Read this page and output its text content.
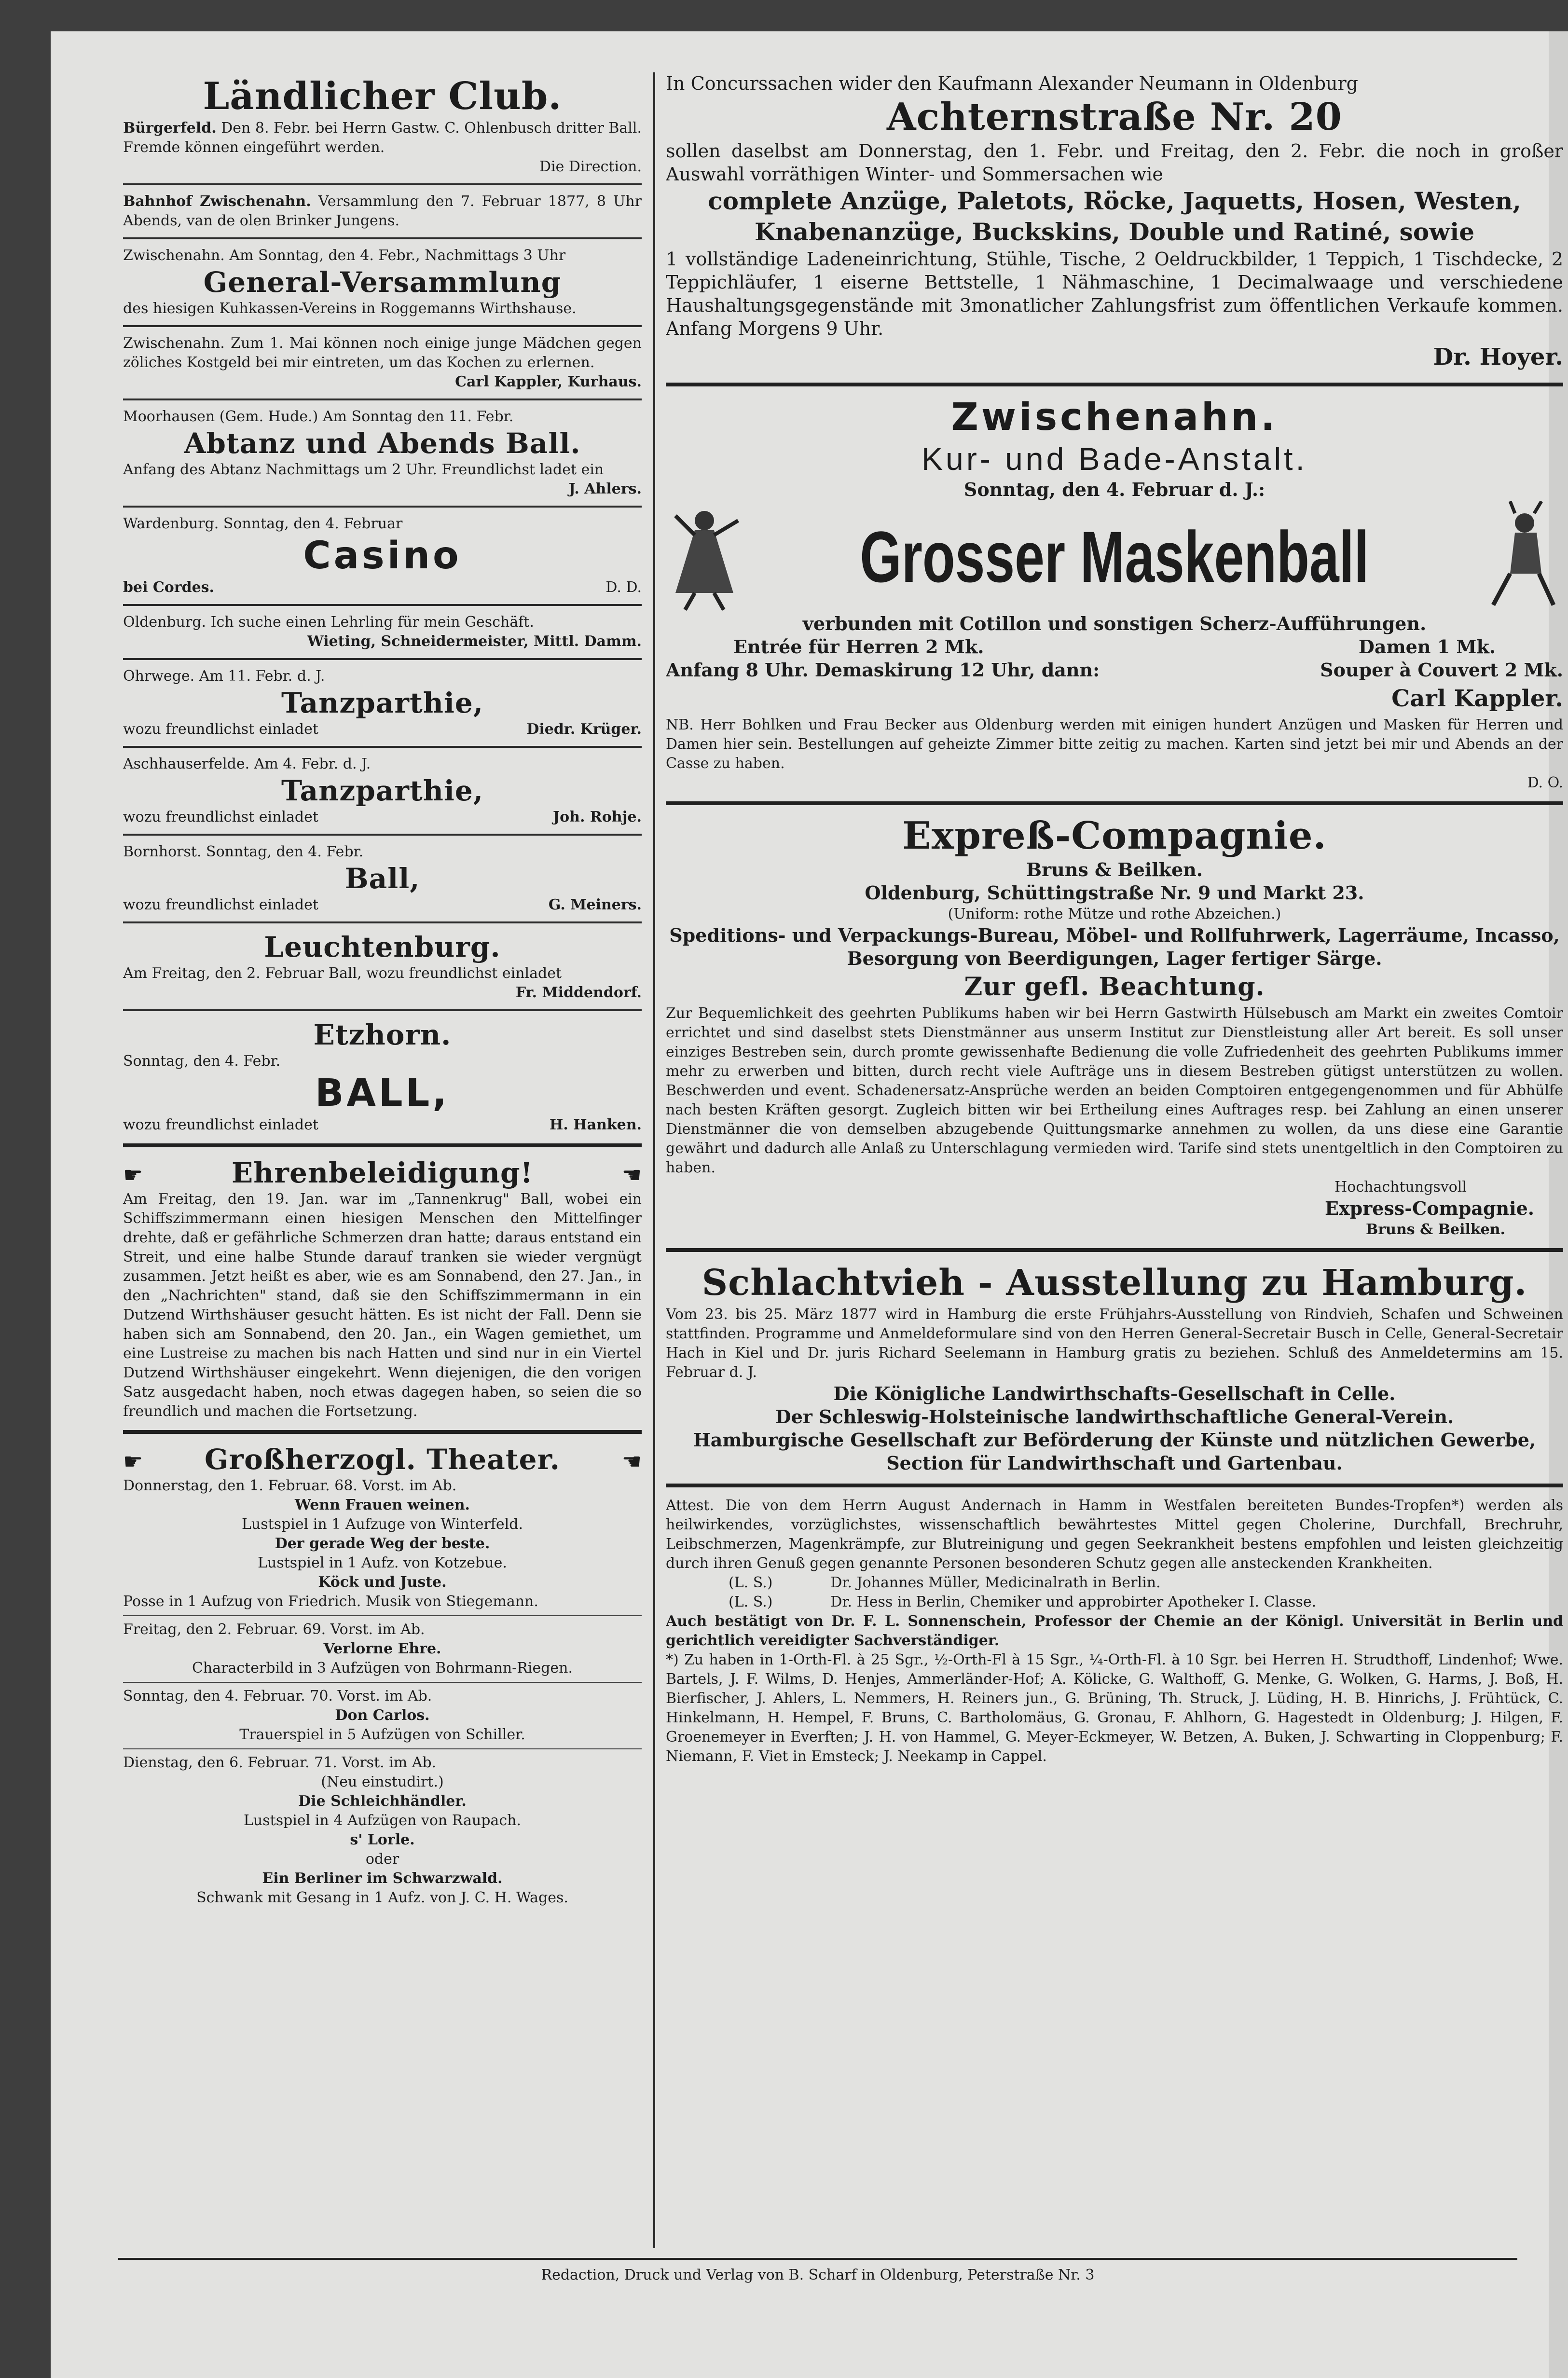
Ländlicher Club.
Bürgerfeld. Den 8. Febr. bei Herrn Gastw. C. Ohlenbusch dritter Ball. Fremde können eingeführt werden.
Die Direction.
Bahnhof Zwischenahn. Versammlung den 7. Februar 1877, 8 Uhr Abends, van de olen Brinker Jungens.
Zwischenahn. Am Sonntag, den 4. Febr., Nachmittags 3 Uhr
General-Versammlung
des hiesigen Kuhkassen-Vereins in Roggemanns Wirthshause.
Zwischenahn. Zum 1. Mai können noch einige junge Mädchen gegen zöliches Kostgeld bei mir eintreten, um das Kochen zu erlernen.
Carl Kappler, Kurhaus.
Moorhausen (Gem. Hude.) Am Sonntag den 11. Febr.
Abtanz und Abends Ball.
Anfang des Abtanz Nachmittags um 2 Uhr. Freundlichst ladet ein
J. Ahlers.
Wardenburg. Sonntag, den 4. Februar
Casino
bei Cordes.	D. D.
Oldenburg. Ich suche einen Lehrling für mein Geschäft.
Wieting, Schneidermeister, Mittl. Damm.
Ohrwege. Am 11. Febr. d. J.
Tanzparthie,
wozu freundlichst einladet	Diedr. Krüger.
Aschhauserfelde. Am 4. Febr. d. J.
Tanzparthie,
wozu freundlichst einladet	Joh. Rohje.
Bornhorst. Sonntag, den 4. Febr.
Ball,
wozu freundlichst einladet	G. Meiners.
Leuchtenburg.
Am Freitag, den 2. Februar Ball, wozu freundlichst einladet
Fr. Middendorf.
Etzhorn.
Sonntag, den 4. Febr.
BALL,
wozu freundlichst einladet	H. Hanken.
☛	Ehrenbeleidigung!	☚
Am Freitag, den 19. Jan. war im „Tannenkrug" Ball, wobei ein Schiffszimmermann einen hiesigen Menschen den Mittelfinger drehte, daß er gefährliche Schmerzen dran hatte; daraus entstand ein Streit, und eine halbe Stunde darauf tranken sie wieder vergnügt zusammen. Jetzt heißt es aber, wie es am Sonnabend, den 27. Jan., in den „Nachrichten" stand, daß sie den Schiffszimmermann in ein Dutzend Wirthshäuser gesucht hätten. Es ist nicht der Fall. Denn sie haben sich am Sonnabend, den 20. Jan., ein Wagen gemiethet, um eine Lustreise zu machen bis nach Hatten und sind nur in ein Viertel Dutzend Wirthshäuser eingekehrt. Wenn diejenigen, die den vorigen Satz ausgedacht haben, noch etwas dagegen haben, so seien die so freundlich und machen die Fortsetzung.
☛ Großherzogl. Theater.	☚
Donnerstag, den 1. Februar. 68. Vorst. im Ab.
Wenn Frauen weinen.
Lustspiel in 1 Aufzuge von Winterfeld.
Der gerade Weg der beste.
Lustspiel in 1 Aufz. von Kotzebue.
Köck und Juste.
Posse in 1 Aufzug von Friedrich. Musik von Stiegemann.
Freitag, den 2. Februar. 69. Vorst. im Ab.
Verlorne Ehre.
Characterbild in 3 Aufzügen von Bohrmann-Riegen.
Sonntag, den 4. Februar. 70. Vorst. im Ab.
Don Carlos.
Trauerspiel in 5 Aufzügen von Schiller.
Dienstag, den 6. Februar. 71. Vorst. im Ab.
(Neu einstudirt.)
Die Schleichhändler.
Lustspiel in 4 Aufzügen von Raupach.
s' Lorle.
oder
Ein Berliner im Schwarzwald.
Schwank mit Gesang in 1 Aufz. von J. C. H. Wages.
In Concurssachen wider den Kaufmann Alexander Neumann in Oldenburg
Achternstraße Nr. 20
sollen daselbst am Donnerstag, den 1. Febr. und Freitag, den 2. Febr. die noch in großer Auswahl vorräthigen Winter- und Sommersachen wie
complete Anzüge, Paletots, Röcke, Jaquetts, Hosen, Westen, Knabenanzüge, Buckskins, Double und Ratiné, sowie
1 vollständige Ladeneinrichtung, Stühle, Tische, 2 Oeldruckbilder, 1 Teppich, 1 Tischdecke, 2 Teppichläufer, 1 eiserne Bettstelle, 1 Nähmaschine, 1 Decimalwaage und verschiedene Haushaltungsgegenstände mit 3monatlicher Zahlungsfrist zum öffentlichen Verkaufe kommen. Anfang Morgens 9 Uhr.
Dr. Hoyer.
Zwischenahn.
Kur- und Bade-Anstalt.
Sonntag, den 4. Februar d. J.:
Grosser Maskenball
verbunden mit Cotillon und sonstigen Scherz-Aufführungen.
Entrée für Herren 2 Mk.	Damen 1 Mk.
Anfang 8 Uhr. Demaskirung 12 Uhr, dann:	Souper à Couvert 2 Mk.
Carl Kappler.
NB. Herr Bohlken und Frau Becker aus Oldenburg werden mit einigen hundert Anzügen und Masken für Herren und Damen hier sein. Bestellungen auf geheizte Zimmer bitte zeitig zu machen. Karten sind jetzt bei mir und Abends an der Casse zu haben.
D. O.
Expreß-Compagnie.
Bruns & Beilken.
Oldenburg, Schüttingstraße Nr. 9 und Markt 23.
(Uniform: rothe Mütze und rothe Abzeichen.)
Speditions- und Verpackungs-Bureau, Möbel- und Rollfuhrwerk, Lagerräume, Incasso, Besorgung von Beerdigungen, Lager fertiger Särge.
Zur gefl. Beachtung.
Zur Bequemlichkeit des geehrten Publikums haben wir bei Herrn Gastwirth Hülsebusch am Markt ein zweites Comtoir errichtet und sind daselbst stets Dienstmänner aus unserm Institut zur Dienstleistung aller Art bereit. Es soll unser einziges Bestreben sein, durch promte gewissenhafte Bedienung die volle Zufriedenheit des geehrten Publikums immer mehr zu erwerben und bitten, durch recht viele Aufträge uns in diesem Bestreben gütigst unterstützen zu wollen. Beschwerden und event. Schadenersatz-Ansprüche werden an beiden Comptoiren entgegengenommen und für Abhülfe nach besten Kräften gesorgt. Zugleich bitten wir bei Ertheilung eines Auftrages resp. bei Zahlung an einen unserer Dienstmänner die von demselben abzugebende Quittungsmarke annehmen zu wollen, da uns diese eine Garantie gewährt und dadurch alle Anlaß zu Unterschlagung vermieden wird. Tarife sind stets unentgeltlich in den Comptoiren zu haben.
Hochachtungsvoll
Express-Compagnie.
Bruns & Beilken.
Schlachtvieh - Ausstellung zu Hamburg.
Vom 23. bis 25. März 1877 wird in Hamburg die erste Frühjahrs-Ausstellung von Rindvieh, Schafen und Schweinen stattfinden. Programme und Anmeldeformulare sind von den Herren General-Secretair Busch in Celle, General-Secretair Hach in Kiel und Dr. juris Richard Seelemann in Hamburg gratis zu beziehen. Schluß des Anmeldetermins am 15. Februar d. J.
Die Königliche Landwirthschafts-Gesellschaft in Celle.
Der Schleswig-Holsteinische landwirthschaftliche General-Verein.
Hamburgische Gesellschaft zur Beförderung der Künste und nützlichen Gewerbe, Section für Landwirthschaft und Gartenbau.
Attest. Die von dem Herrn August Andernach in Hamm in Westfalen bereiteten Bundes-Tropfen*) werden als heilwirkendes, vorzüglichstes, wissenschaftlich bewährtestes Mittel gegen Cholerine, Durchfall, Brechruhr, Leibschmerzen, Magenkrämpfe, zur Blutreinigung und gegen Seekrankheit bestens empfohlen und leisten gleichzeitig durch ihren Genuß gegen genannte Personen besonderen Schutz gegen alle ansteckenden Krankheiten.
(L. S.)	Dr. Johannes Müller, Medicinalrath in Berlin.
(L. S.)	Dr. Hess in Berlin, Chemiker und approbirter Apotheker I. Classe.
Auch bestätigt von Dr. F. L. Sonnenschein, Professor der Chemie an der Königl. Universität in Berlin und gerichtlich vereidigter Sachverständiger.
*) Zu haben in 1-Orth-Fl. à 25 Sgr., ½-Orth-Fl à 15 Sgr., ¼-Orth-Fl. à 10 Sgr. bei Herren H. Strudthoff, Lindenhof; Wwe. Bartels, J. F. Wilms, D. Henjes, Ammerländer-Hof; A. Kölicke, G. Walthoff, G. Menke, G. Wolken, G. Harms, J. Boß, H. Bierfischer, J. Ahlers, L. Nemmers, H. Reiners jun., G. Brüning, Th. Struck, J. Lüding, H. B. Hinrichs, J. Frühtück, C. Hinkelmann, H. Hempel, F. Bruns, C. Bartholomäus, G. Gronau, F. Ahlhorn, G. Hagestedt in Oldenburg; J. Hilgen, F. Groenemeyer in Everften; J. H. von Hammel, G. Meyer-Eckmeyer, W. Betzen, A. Buken, J. Schwarting in Cloppenburg; F. Niemann, F. Viet in Emsteck; J. Neekamp in Cappel.
Redaction, Druck und Verlag von B. Scharf in Oldenburg, Peterstraße Nr. 3
